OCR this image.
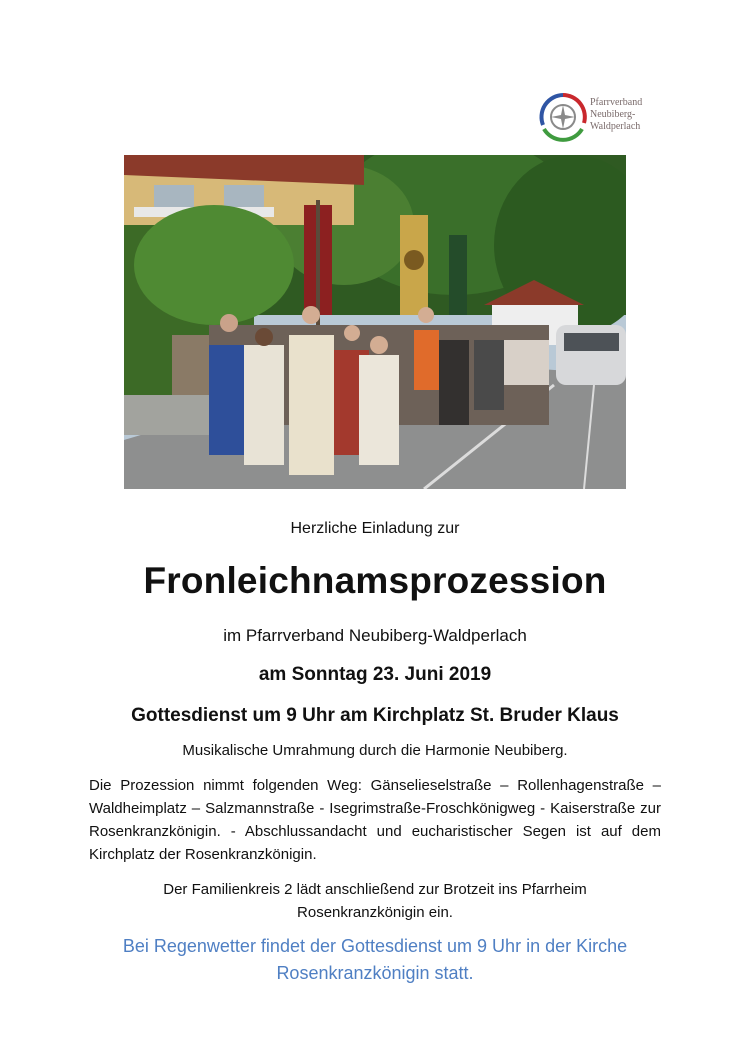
Pfarrverband
Neubiberg-
Waldperlach
Herzliche Einladung zur
Fronleichnamsprozession
im Pfarrverband Neubiberg-Waldperlach
am Sonntag 23. Juni 2019
Gottesdienst um 9 Uhr am Kirchplatz St. Bruder Klaus
Musikalische Umrahmung durch die Harmonie Neubiberg.
Die Prozession nimmt folgenden Weg: Gänselieselstraße – Rollenhagenstraße – Waldheimplatz – Salzmannstraße - Isegrimstraße-Froschkönigweg - Kaiserstraße zur Rosenkranzkönigin. - Abschlussandacht und eucharistischer Segen ist auf dem Kirchplatz der Rosenkranzkönigin.
Der Familienkreis 2 lädt anschließend zur Brotzeit ins Pfarrheim
Rosenkranzkönigin ein.
Bei Regenwetter findet der Gottesdienst um 9 Uhr in der Kirche
Rosenkranzkönigin statt.
